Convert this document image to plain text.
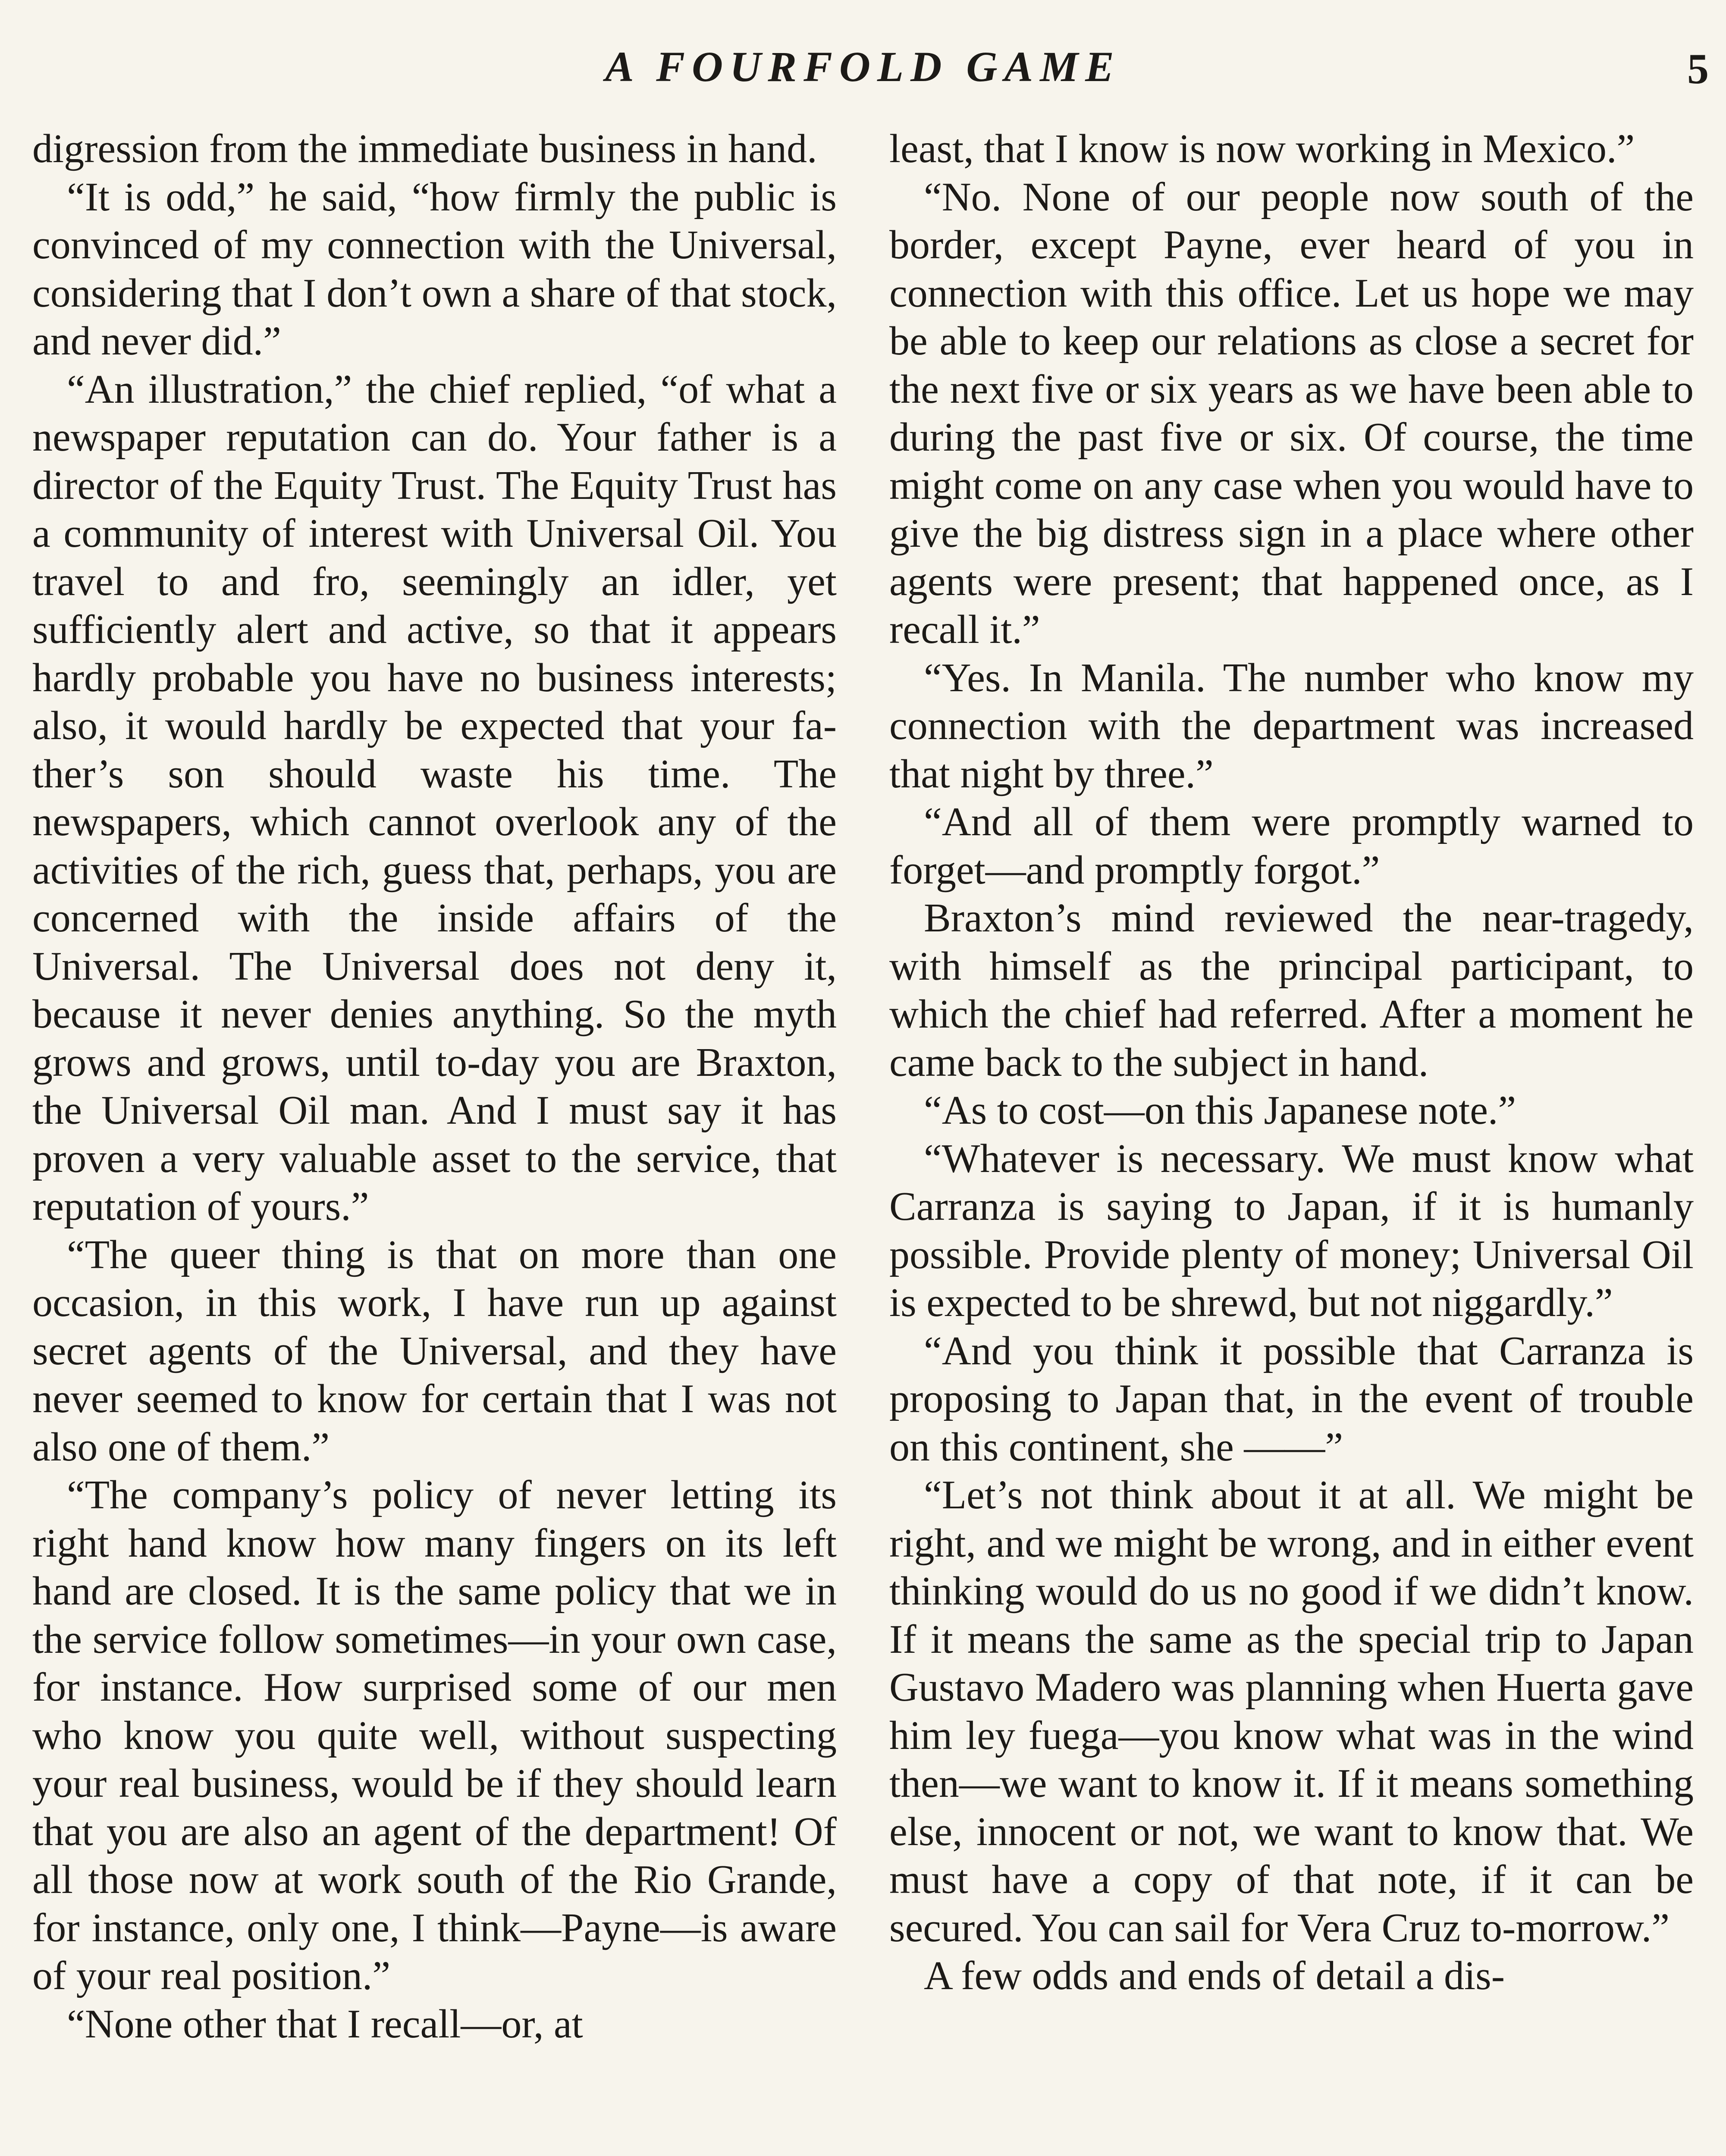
A FOURFOLD GAME	5

digression from the immediate business in hand.

“It is odd,” he said, “how firmly the public is convinced of my connection with the Universal, considering that I don’t own a share of that stock, and never did.”

“An illustration,” the chief replied, “of what a newspaper reputation can do. Your father is a director of the Equity Trust. The Equity Trust has a community of interest with Universal Oil. You travel to and fro, seemingly an idler, yet sufficiently alert and active, so that it appears hardly probable you have no business interests; also, it would hardly be expected that your father’s son should waste his time. The newspapers, which cannot overlook any of the activities of the rich, guess that, perhaps, you are concerned with the inside affairs of the Universal. The Universal does not deny it, because it never denies anything. So the myth grows and grows, until to-day you are Braxton, the Universal Oil man. And I must say it has proven a very valuable asset to the service, that reputation of yours.”

“The queer thing is that on more than one occasion, in this work, I have run up against secret agents of the Universal, and they have never seemed to know for certain that I was not also one of them.”

“The company’s policy of never letting its right hand know how many fingers on its left hand are closed. It is the same policy that we in the service follow sometimes—in your own case, for instance. How surprised some of our men who know you quite well, without suspecting your real business, would be if they should learn that you are also an agent of the department! Of all those now at work south of the Rio Grande, for instance, only one, I think—Payne—is aware of your real position.”

“None other that I recall—or, at

least, that I know is now working in Mexico.”

“No. None of our people now south of the border, except Payne, ever heard of you in connection with this office. Let us hope we may be able to keep our relations as close a secret for the next five or six years as we have been able to during the past five or six. Of course, the time might come on any case when you would have to give the big distress sign in a place where other agents were present; that happened once, as I recall it.”

“Yes. In Manila. The number who know my connection with the department was increased that night by three.”

“And all of them were promptly warned to forget—and promptly forgot.”

Braxton’s mind reviewed the near-tragedy, with himself as the principal participant, to which the chief had referred. After a moment he came back to the subject in hand.

“As to cost—on this Japanese note.”

“Whatever is necessary. We must know what Carranza is saying to Japan, if it is humanly possible. Provide plenty of money; Universal Oil is expected to be shrewd, but not niggardly.”

“And you think it possible that Carranza is proposing to Japan that, in the event of trouble on this continent, she ——”

“Let’s not think about it at all. We might be right, and we might be wrong, and in either event thinking would do us no good if we didn’t know. If it means the same as the special trip to Japan Gustavo Madero was planning when Huerta gave him ley fuega—you know what was in the wind then—we want to know it. If it means something else, innocent or not, we want to know that. We must have a copy of that note, if it can be secured. You can sail for Vera Cruz to-morrow.”

A few odds and ends of detail a dis-
